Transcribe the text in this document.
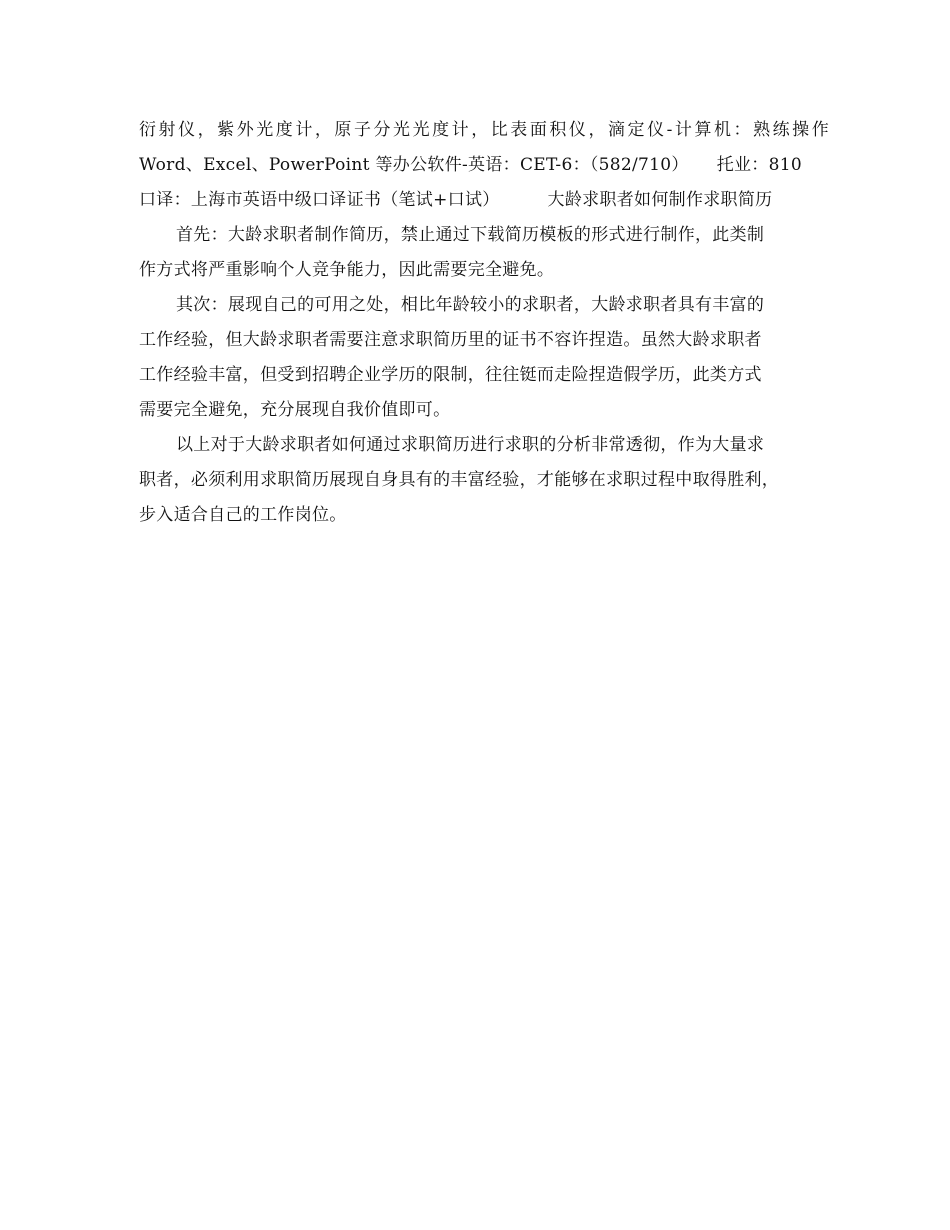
衍射仪，紫外光度计，原子分光光度计，比表面积仪，滴定仪-计算机：熟练操作
Word、Excel、PowerPoint 等办公软件-英语：CET-6：（582/710） 托业：810
口译：上海市英语中级口译证书（笔试+口试）	大龄求职者如何制作求职简历
首先：大龄求职者制作简历，禁止通过下载简历模板的形式进行制作，此类制
作方式将严重影响个人竞争能力，因此需要完全避免。
其次：展现自己的可用之处，相比年龄较小的求职者，大龄求职者具有丰富的
工作经验，但大龄求职者需要注意求职简历里的证书不容许捏造。虽然大龄求职者
工作经验丰富，但受到招聘企业学历的限制，往往铤而走险捏造假学历，此类方式
需要完全避免，充分展现自我价值即可。
以上对于大龄求职者如何通过求职简历进行求职的分析非常透彻，作为大量求
职者，必须利用求职简历展现自身具有的丰富经验，才能够在求职过程中取得胜利，
步入适合自己的工作岗位。
